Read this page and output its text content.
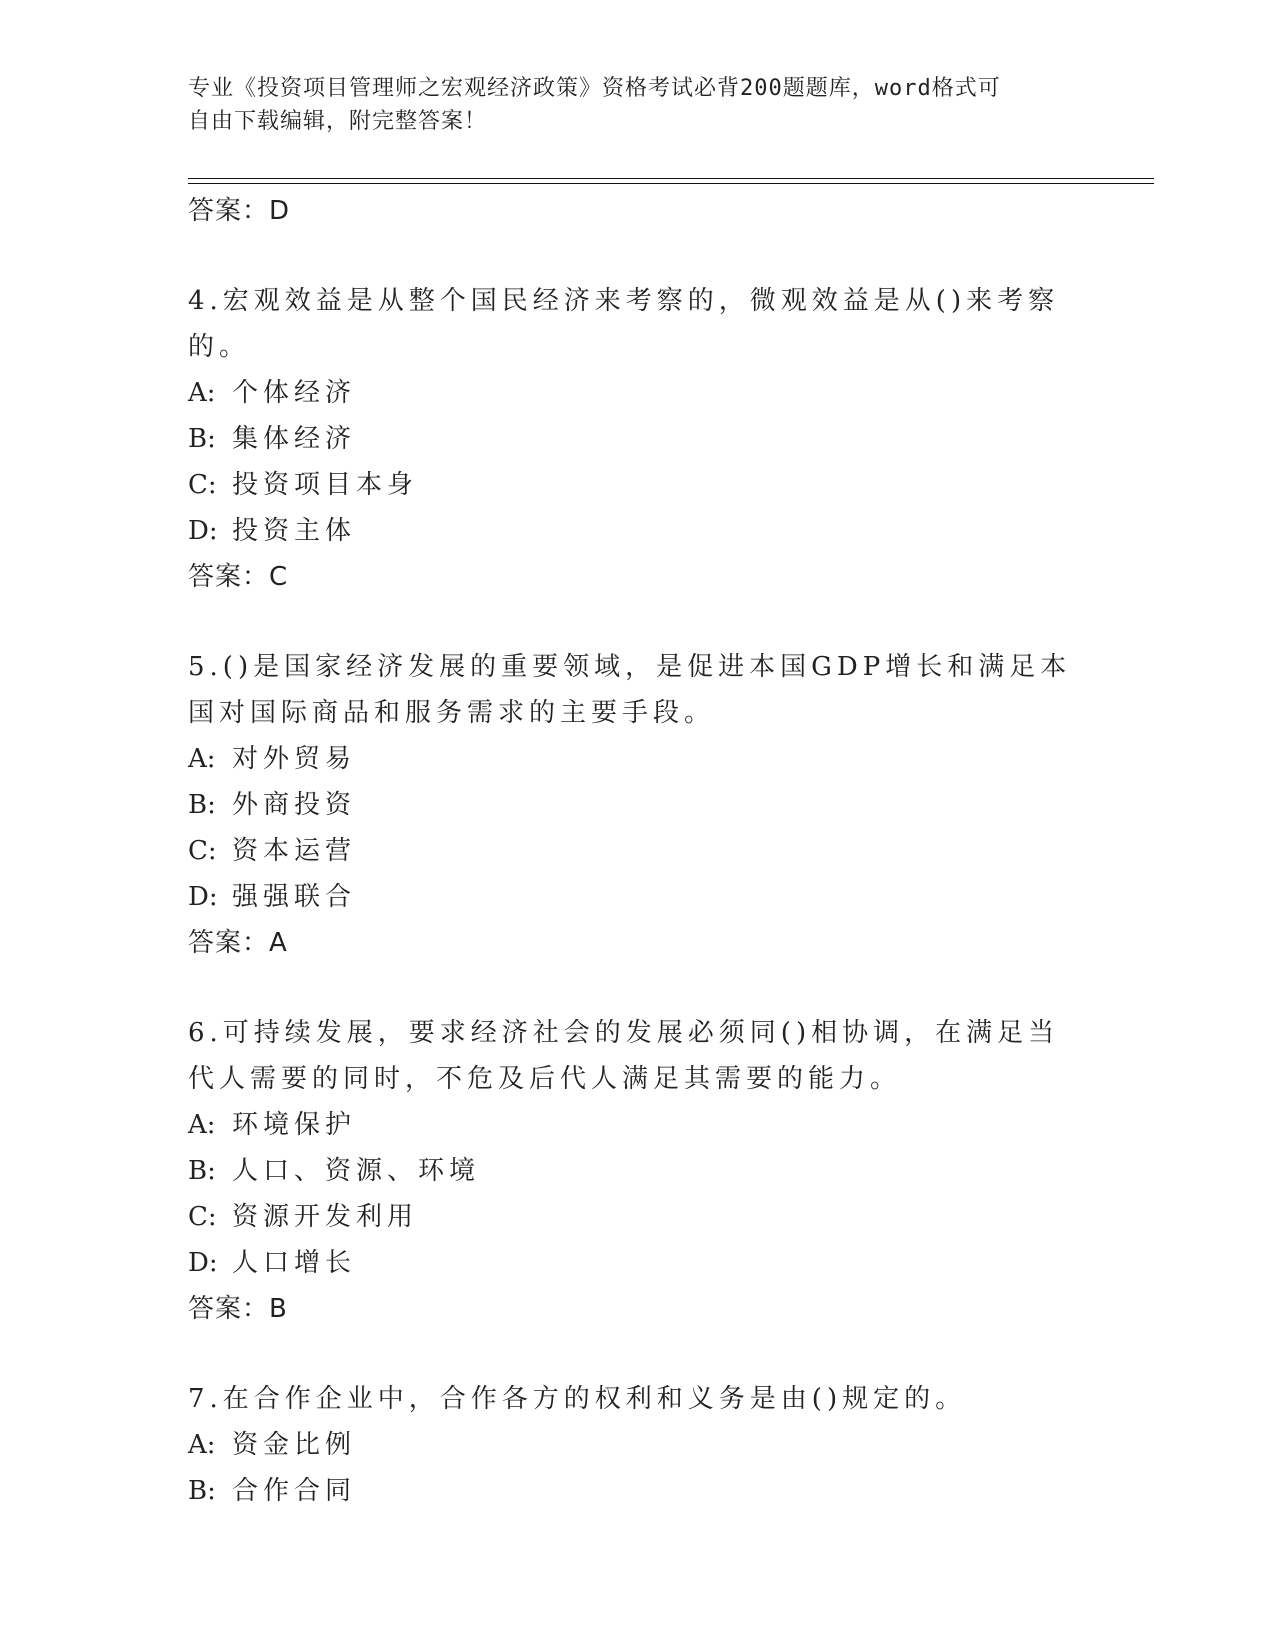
专业《投资项目管理师之宏观经济政策》资格考试必背200题题库，word格式可
自由下载编辑，附完整答案！
答案：D
4.宏观效益是从整个国民经济来考察的，微观效益是从()来考察的。
A: 个体经济
B: 集体经济
C: 投资项目本身
D: 投资主体
答案：C
5.()是国家经济发展的重要领域，是促进本国GDP增长和满足本国对国际商品和服务需求的主要手段。
A: 对外贸易
B: 外商投资
C: 资本运营
D: 强强联合
答案：A
6.可持续发展，要求经济社会的发展必须同()相协调，在满足当代人需要的同时，不危及后代人满足其需要的能力。
A: 环境保护
B: 人口、资源、环境
C: 资源开发利用
D: 人口增长
答案：B
7.在合作企业中，合作各方的权利和义务是由()规定的。
A: 资金比例
B: 合作合同
